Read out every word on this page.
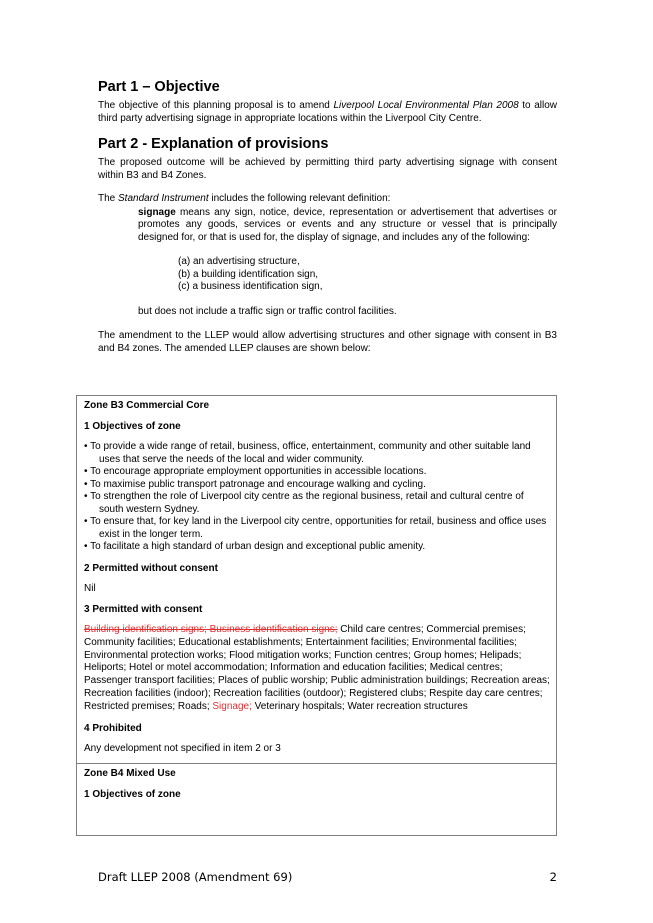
Part 1 – Objective

The objective of this planning proposal is to amend Liverpool Local Environmental Plan 2008 to allow third party advertising signage in appropriate locations within the Liverpool City Centre.

Part 2 - Explanation of provisions

The proposed outcome will be achieved by permitting third party advertising signage with consent within B3 and B4 Zones.

The Standard Instrument includes the following relevant definition:

signage means any sign, notice, device, representation or advertisement that advertises or promotes any goods, services or events and any structure or vessel that is principally designed for, or that is used for, the display of signage, and includes any of the following:

(a) an advertising structure,
(b) a building identification sign,
(c) a business identification sign,

but does not include a traffic sign or traffic control facilities.

The amendment to the LLEP would allow advertising structures and other signage with consent in B3 and B4 zones. The amended LLEP clauses are shown below:

Zone B3 Commercial Core
1 Objectives of zone
• To provide a wide range of retail, business, office, entertainment, community and other suitable land uses that serve the needs of the local and wider community.
• To encourage appropriate employment opportunities in accessible locations.
• To maximise public transport patronage and encourage walking and cycling.
• To strengthen the role of Liverpool city centre as the regional business, retail and cultural centre of south western Sydney.
• To ensure that, for key land in the Liverpool city centre, opportunities for retail, business and office uses exist in the longer term.
• To facilitate a high standard of urban design and exceptional public amenity.
2 Permitted without consent
Nil
3 Permitted with consent
Building identification signs; Business identification signs; Child care centres; Commercial premises; Community facilities; Educational establishments; Entertainment facilities; Environmental facilities; Environmental protection works; Flood mitigation works; Function centres; Group homes; Helipads; Heliports; Hotel or motel accommodation; Information and education facilities; Medical centres; Passenger transport facilities; Places of public worship; Public administration buildings; Recreation areas; Recreation facilities (indoor); Recreation facilities (outdoor); Registered clubs; Respite day care centres; Restricted premises; Roads; Signage; Veterinary hospitals; Water recreation structures
4 Prohibited
Any development not specified in item 2 or 3
Zone B4 Mixed Use
1 Objectives of zone
Draft LLEP 2008 (Amendment 69)	2
